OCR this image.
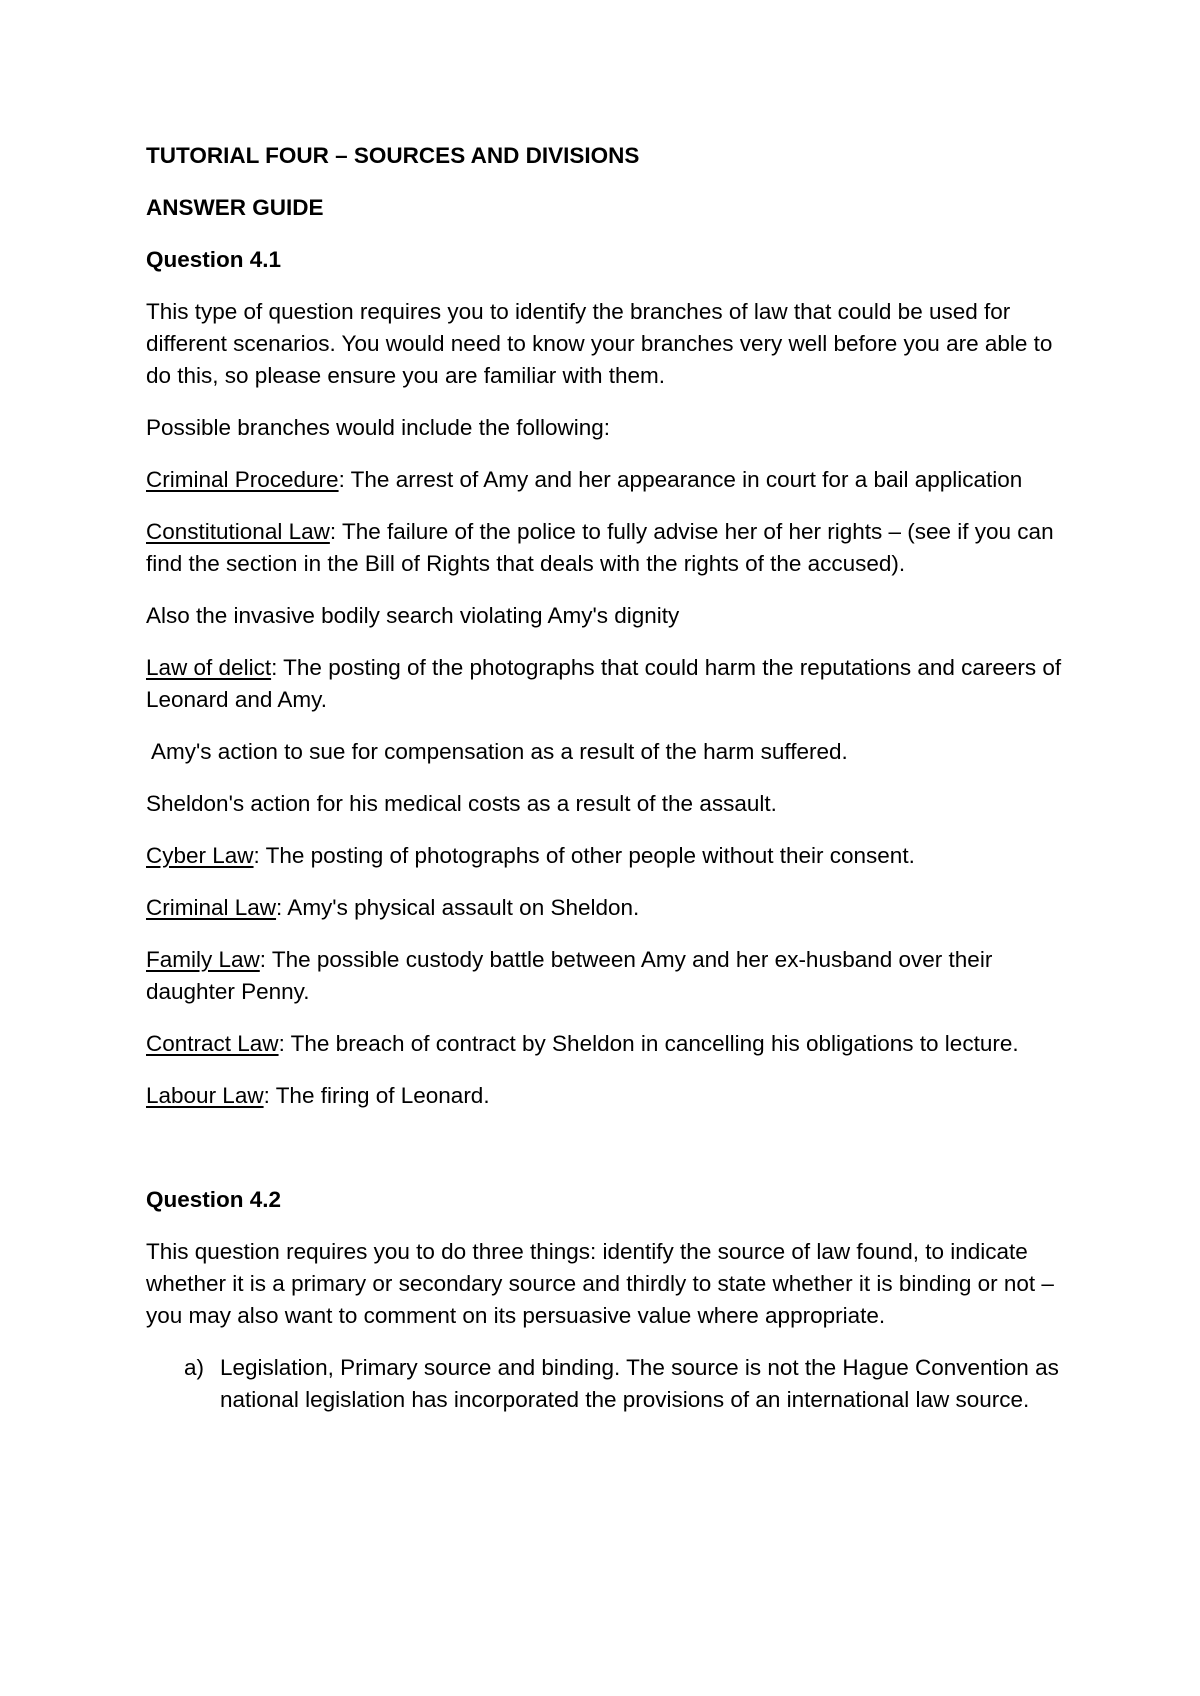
TUTORIAL FOUR – SOURCES AND DIVISIONS

ANSWER GUIDE

Question 4.1

This type of question requires you to identify the branches of law that could be used for different scenarios. You would need to know your branches very well before you are able to do this, so please ensure you are familiar with them.

Possible branches would include the following:

Criminal Procedure: The arrest of Amy and her appearance in court for a bail application

Constitutional Law: The failure of the police to fully advise her of her rights – (see if you can find the section in the Bill of Rights that deals with the rights of the accused).

Also the invasive bodily search violating Amy's dignity

Law of delict: The posting of the photographs that could harm the reputations and careers of Leonard and Amy.

Amy's action to sue for compensation as a result of the harm suffered.

Sheldon's action for his medical costs as a result of the assault.

Cyber Law: The posting of photographs of other people without their consent.

Criminal Law: Amy's physical assault on Sheldon.

Family Law: The possible custody battle between Amy and her ex-husband over their daughter Penny.

Contract Law: The breach of contract by Sheldon in cancelling his obligations to lecture.

Labour Law: The firing of Leonard.

Question 4.2

This question requires you to do three things: identify the source of law found, to indicate whether it is a primary or secondary source and thirdly to state whether it is binding or not – you may also want to comment on its persuasive value where appropriate.

a) Legislation, Primary source and binding. The source is not the Hague Convention as national legislation has incorporated the provisions of an international law source.
